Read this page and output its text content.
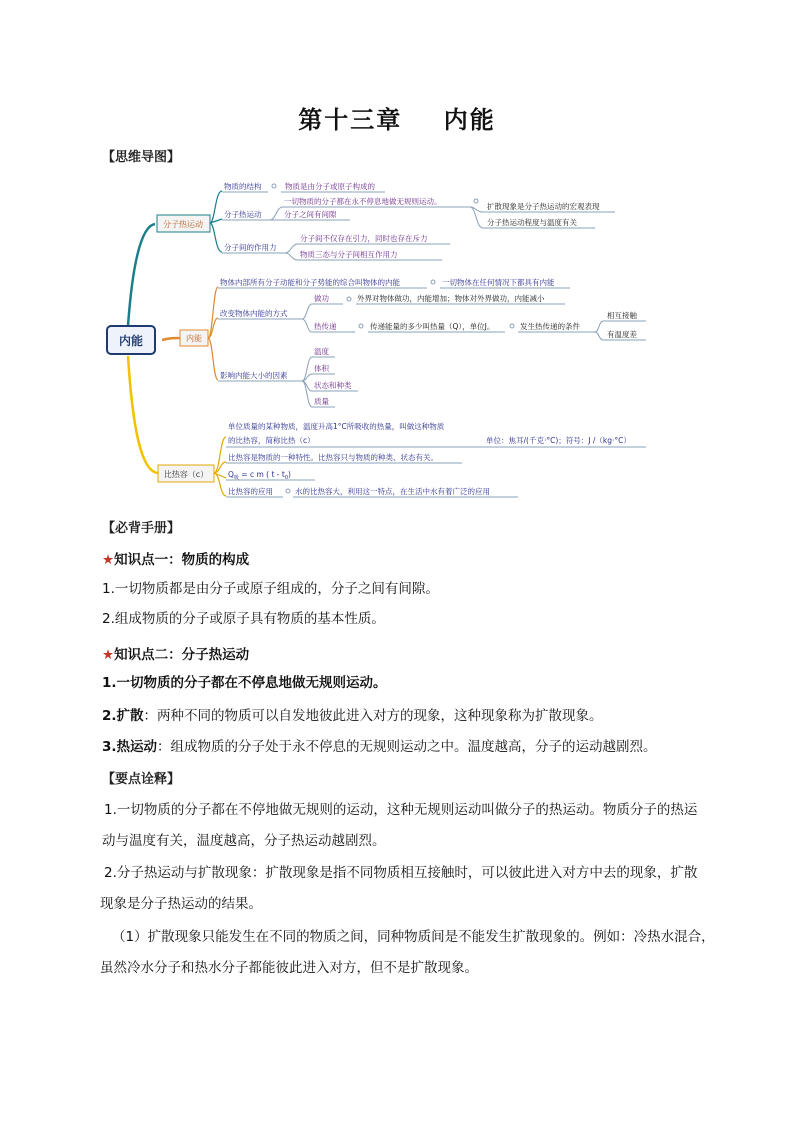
第十三章    内能
【思维导图】
内能
分子热运动
内能
比热容（c）
物质的结构	物质是由分子或原子构成的
分子热运动
一切物质的分子都在永不停息地做无规则运动。
分子之间有间隙
扩散现象是分子热运动的宏观表现
分子热运动程度与温度有关
分子间的作用力
分子间不仅存在引力，同时也存在斥力
物质三态与分子间相互作用力
物体内部所有分子动能和分子势能的综合叫物体的内能	一切物体在任何情况下都具有内能
改变物体内能的方式
做功	外界对物体做功，内能增加；物体对外界做功，内能减小
热传递	传递能量的多少叫热量（Q），单位J。	发生热传递的条件
相互接触
有温度差
影响内能大小的因素
温度
体积
状态和种类
质量
单位质量的某种物质，温度升高1°C所吸收的热量，叫做这种物质
的比热容，简称比热（c）	单位：焦耳/(千克·°C)；符号：J /（kg·°C）
比热容是物质的一种特性。比热容只与物质的种类、状态有关。
$Q_吸 = c$ m ( t - $t_0$)
比热容的应用	水的比热容大，利用这一特点，在生活中水有着广泛的应用
【必背手册】
★知识点一：物质的构成
1.一切物质都是由分子或原子组成的，分子之间有间隙。
2.组成物质的分子或原子具有物质的基本性质。
★知识点二：分子热运动
1.一切物质的分子都在不停息地做无规则运动。
2.扩散：两种不同的物质可以自发地彼此进入对方的现象，这种现象称为扩散现象。
3.热运动：组成物质的分子处于永不停息的无规则运动之中。温度越高，分子的运动越剧烈。
【要点诠释】
1.一切物质的分子都在不停地做无规则的运动，这种无规则运动叫做分子的热运动。物质分子的热运
动与温度有关，温度越高，分子热运动越剧烈。
2.分子热运动与扩散现象：扩散现象是指不同物质相互接触时，可以彼此进入对方中去的现象，扩散
现象是分子热运动的结果。
（1）扩散现象只能发生在不同的物质之间，同种物质间是不能发生扩散现象的。例如：冷热水混合，
虽然冷水分子和热水分子都能彼此进入对方，但不是扩散现象。
